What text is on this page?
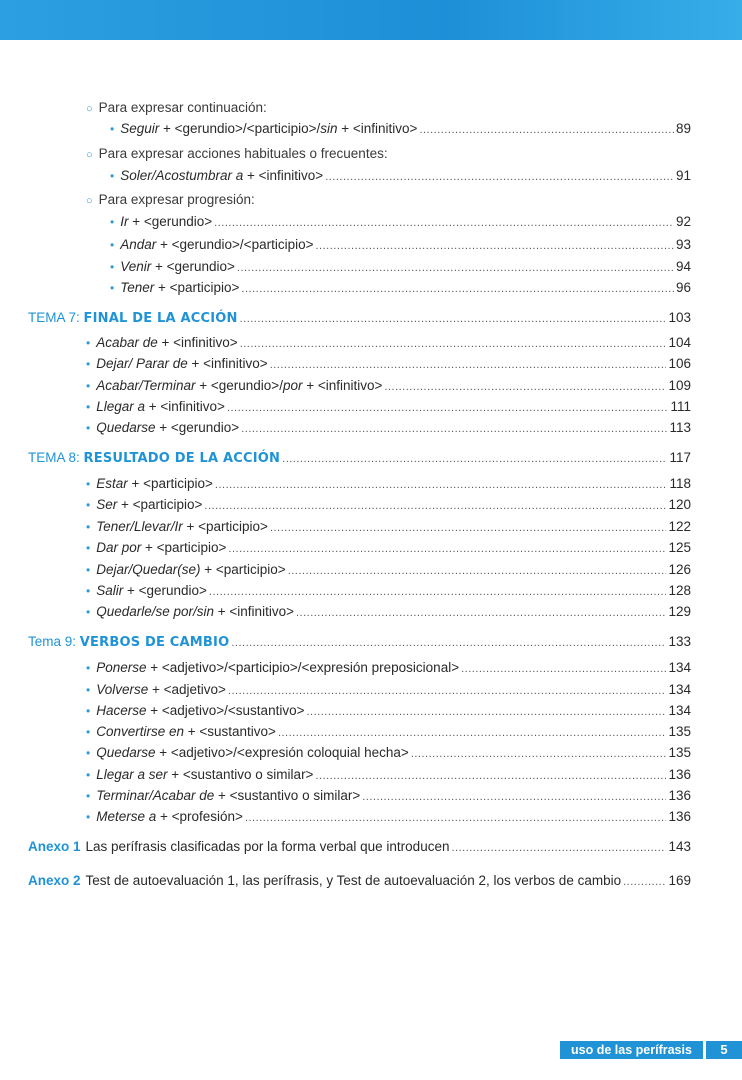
○ Para expresar continuación:
• Seguir + <gerundio>/<participio>/sin + <infinitivo> .....	89
○ Para expresar acciones habituales o frecuentes:
• Soler/Acostumbrar a + <infinitivo> .....	91
○ Para expresar progresión:
• Ir + <gerundio> .....	92
• Andar + <gerundio>/<participio> .....	93
• Venir + <gerundio> .....	94
• Tener + <participio> .....	96
TEMA 7: FINAL DE LA ACCIÓN .....	103
• Acabar de + <infinitivo> .....	104
• Dejar/ Parar de + <infinitivo> .....	106
• Acabar/Terminar + <gerundio>/por + <infinitivo> .....	109
• Llegar a + <infinitivo> .....	111
• Quedarse + <gerundio> .....	113
TEMA 8: RESULTADO DE LA ACCIÓN .....	117
• Estar + <participio> .....	118
• Ser + <participio> .....	120
• Tener/Llevar/Ir + <participio> .....	122
• Dar por + <participio> .....	125
• Dejar/Quedar(se) + <participio> .....	126
• Salir + <gerundio> .....	128
• Quedarle/se por/sin + <infinitivo> .....	129
Tema 9: VERBOS DE CAMBIO .....	133
• Ponerse + <adjetivo>/<participio>/<expresión preposicional> .....	134
• Volverse + <adjetivo> .....	134
• Hacerse + <adjetivo>/<sustantivo> .....	134
• Convertirse en + <sustantivo> .....	135
• Quedarse + <adjetivo>/<expresión coloquial hecha> .....	135
• Llegar a ser + <sustantivo o similar> .....	136
• Terminar/Acabar de + <sustantivo o similar> .....	136
• Meterse a + <profesión> .....	136
Anexo 1 Las perífrasis clasificadas por la forma verbal que introducen .....	143
Anexo 2 Test de autoevaluación 1, las perífrasis, y Test de autoevaluación 2, los verbos de cambio .....	169
uso de las perífrasis	5
